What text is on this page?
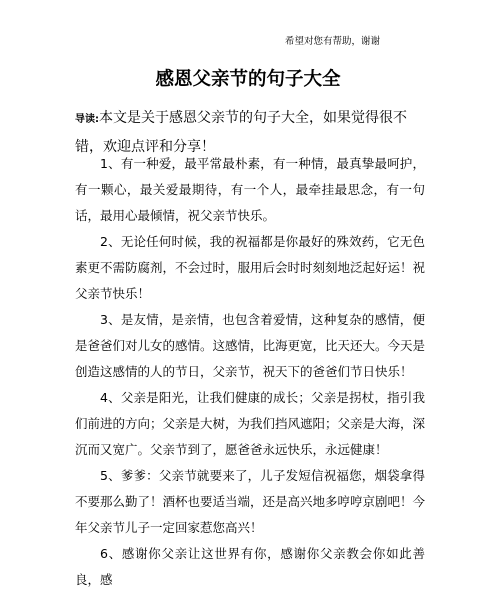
希望对您有帮助，谢谢
感恩父亲节的句子大全
导读:本文是关于感恩父亲节的句子大全，如果觉得很不错，欢迎点评和分享！

1、有一种爱，最平常最朴素，有一种情，最真挚最呵护，有一颗心，最关爱最期待，有一个人，最牵挂最思念，有一句话，最用心最倾情，祝父亲节快乐。

2、无论任何时候，我的祝福都是你最好的殊效药，它无色素更不需防腐剂，不会过时，服用后会时时刻刻地泛起好运！祝父亲节快乐！

3、是友情，是亲情，也包含着爱情，这种复杂的感情，便是爸爸们对儿女的感情。这感情，比海更宽，比天还大。今天是创造这感情的人的节日，父亲节，祝天下的爸爸们节日快乐！

4、父亲是阳光，让我们健康的成长；父亲是拐杖，指引我们前进的方向；父亲是大树，为我们挡风遮阳；父亲是大海，深沉而又宽广。父亲节到了，愿爸爸永远快乐，永远健康！

5、爹爹：父亲节就要来了，儿子发短信祝福您，烟袋拿得不要那么勤了！酒杯也要适当端，还是高兴地多哼哼京剧吧！今年父亲节儿子一定回家惹您高兴！

6、感谢你父亲让这世界有你，感谢你父亲教会你如此善良，感
